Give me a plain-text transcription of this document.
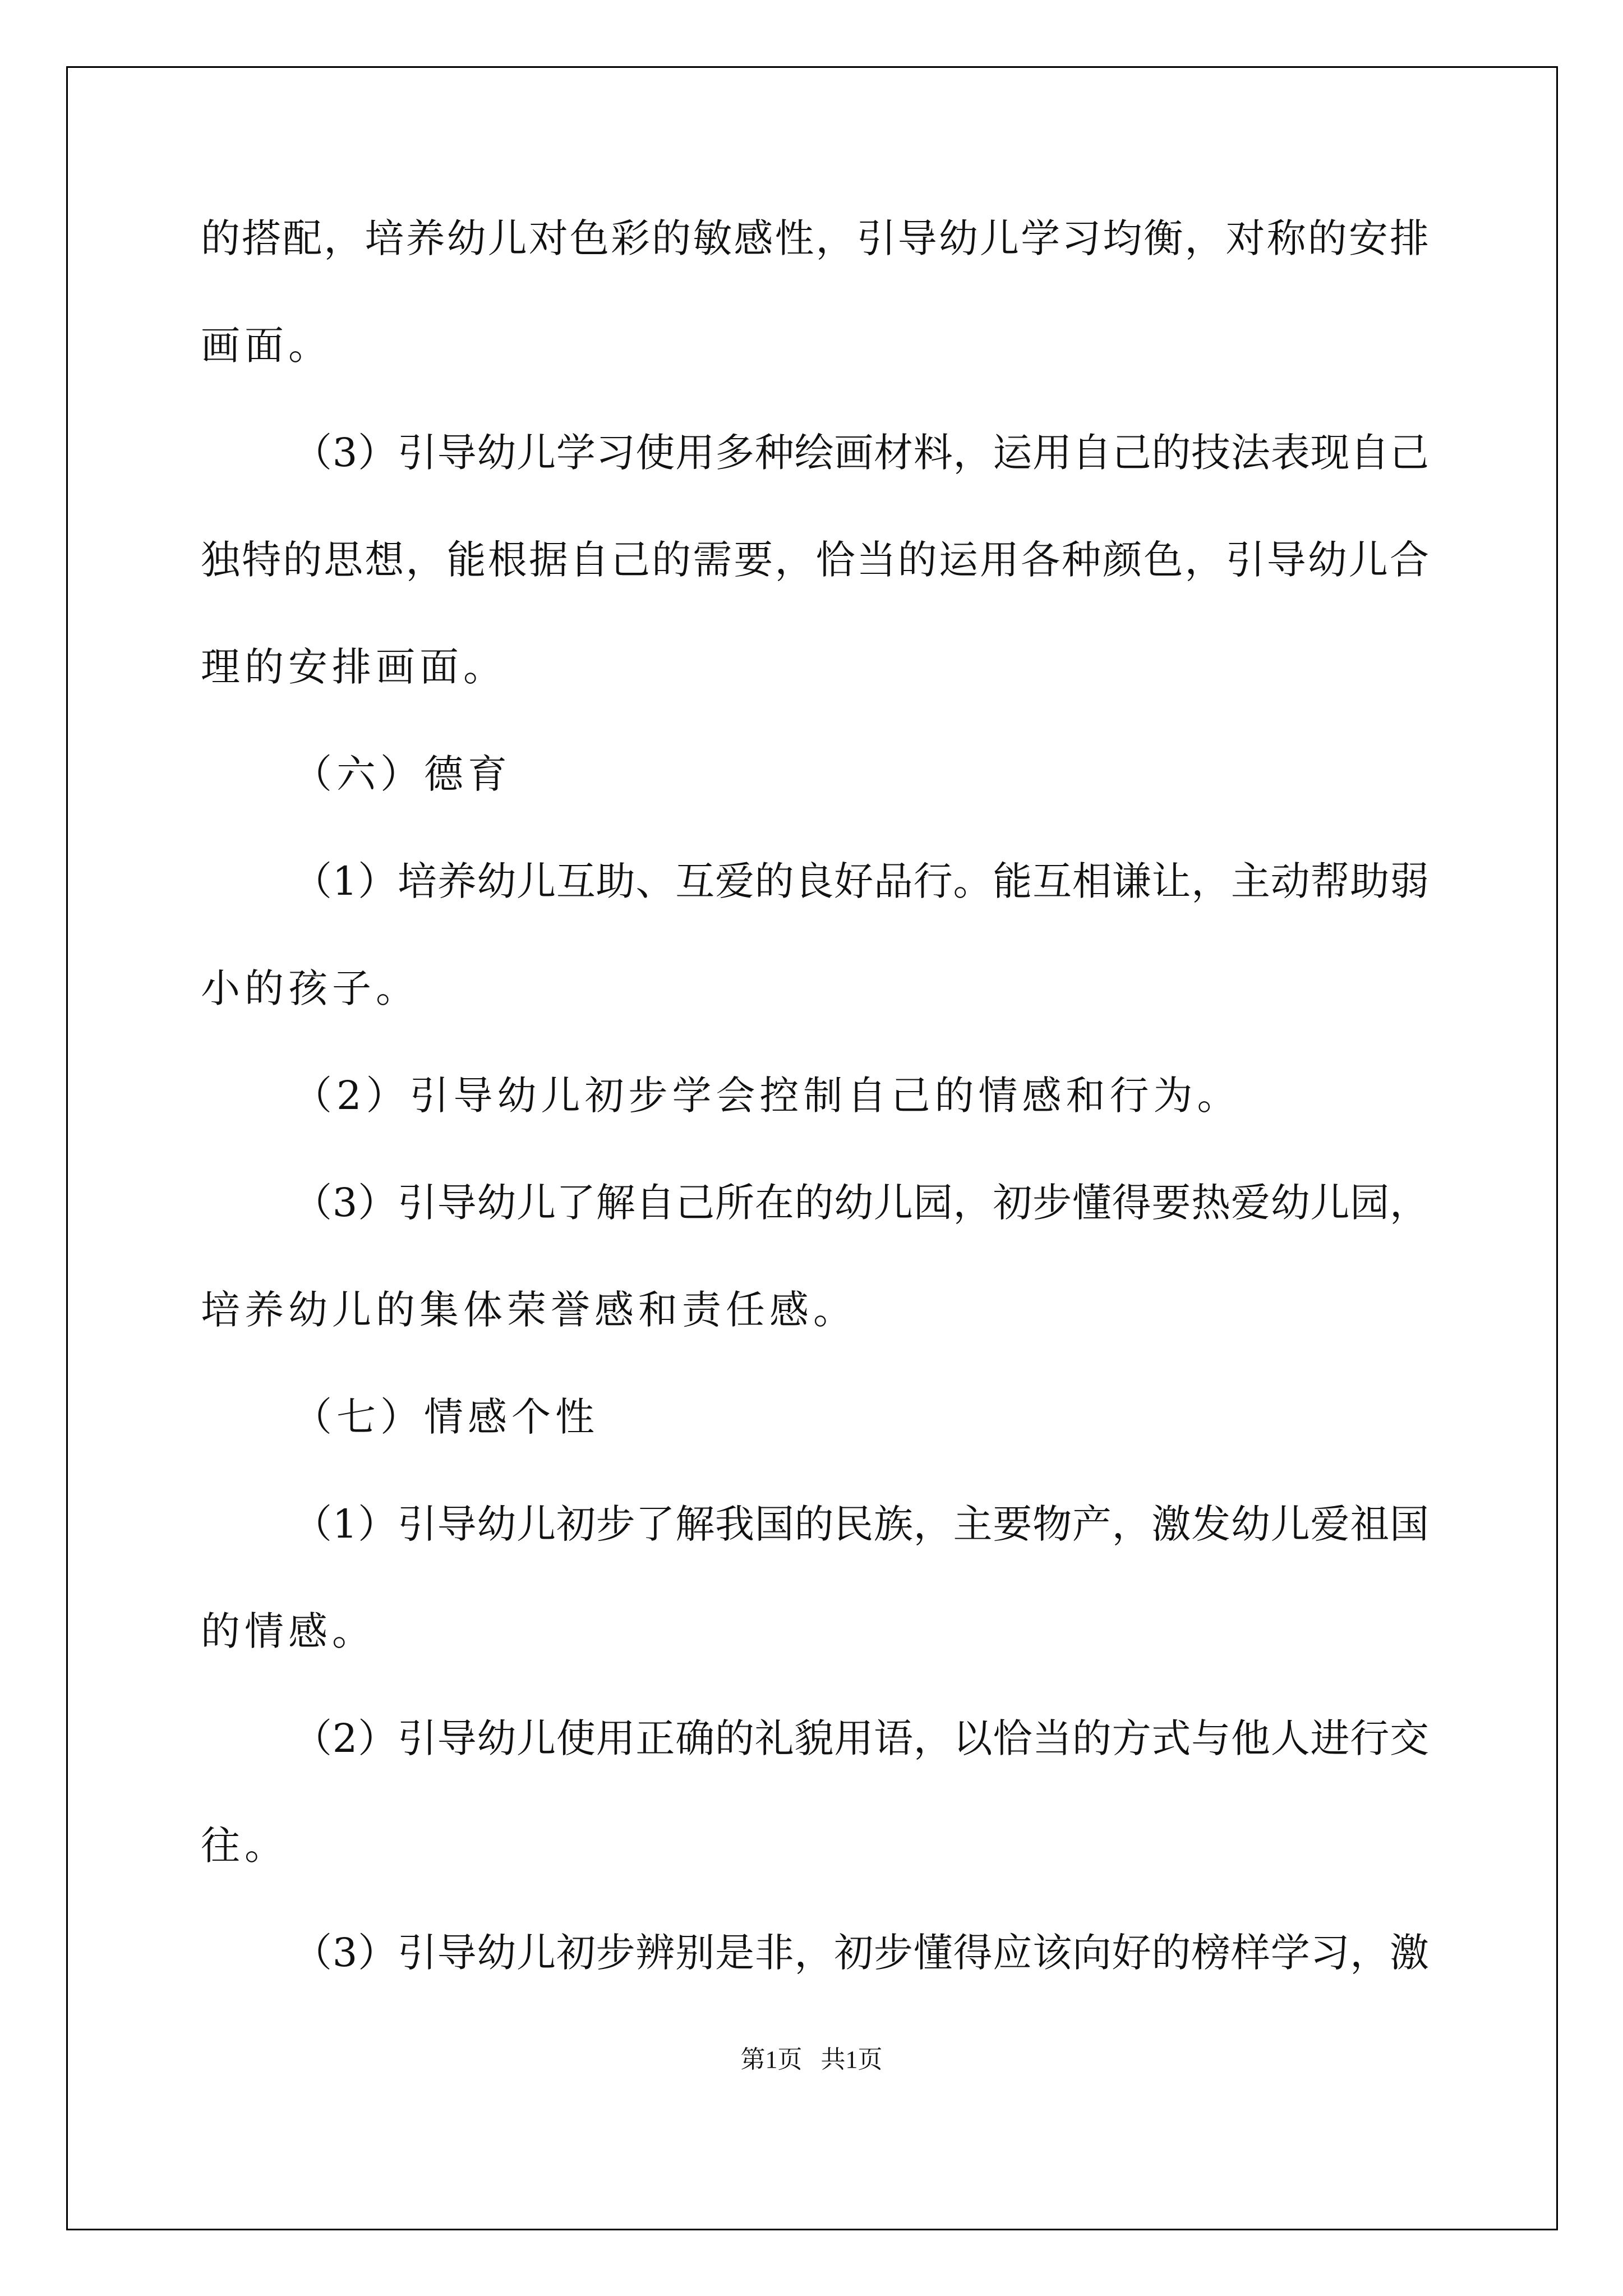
的搭配，培养幼儿对色彩的敏感性，引导幼儿学习均衡，对称的安排
画面。
（3）引导幼儿学习使用多种绘画材料，运用自己的技法表现自己
独特的思想，能根据自己的需要，恰当的运用各种颜色，引导幼儿合
理的安排画面。
（六）德育
（1）培养幼儿互助、互爱的良好品行。能互相谦让，主动帮助弱
小的孩子。
（2）引导幼儿初步学会控制自己的情感和行为。
（3）引导幼儿了解自己所在的幼儿园，初步懂得要热爱幼儿园，
培养幼儿的集体荣誉感和责任感。
（七）情感个性
（1）引导幼儿初步了解我国的民族，主要物产，激发幼儿爱祖国
的情感。
（2）引导幼儿使用正确的礼貌用语，以恰当的方式与他人进行交
往。
（3）引导幼儿初步辨别是非，初步懂得应该向好的榜样学习，激
第1页 共1页
